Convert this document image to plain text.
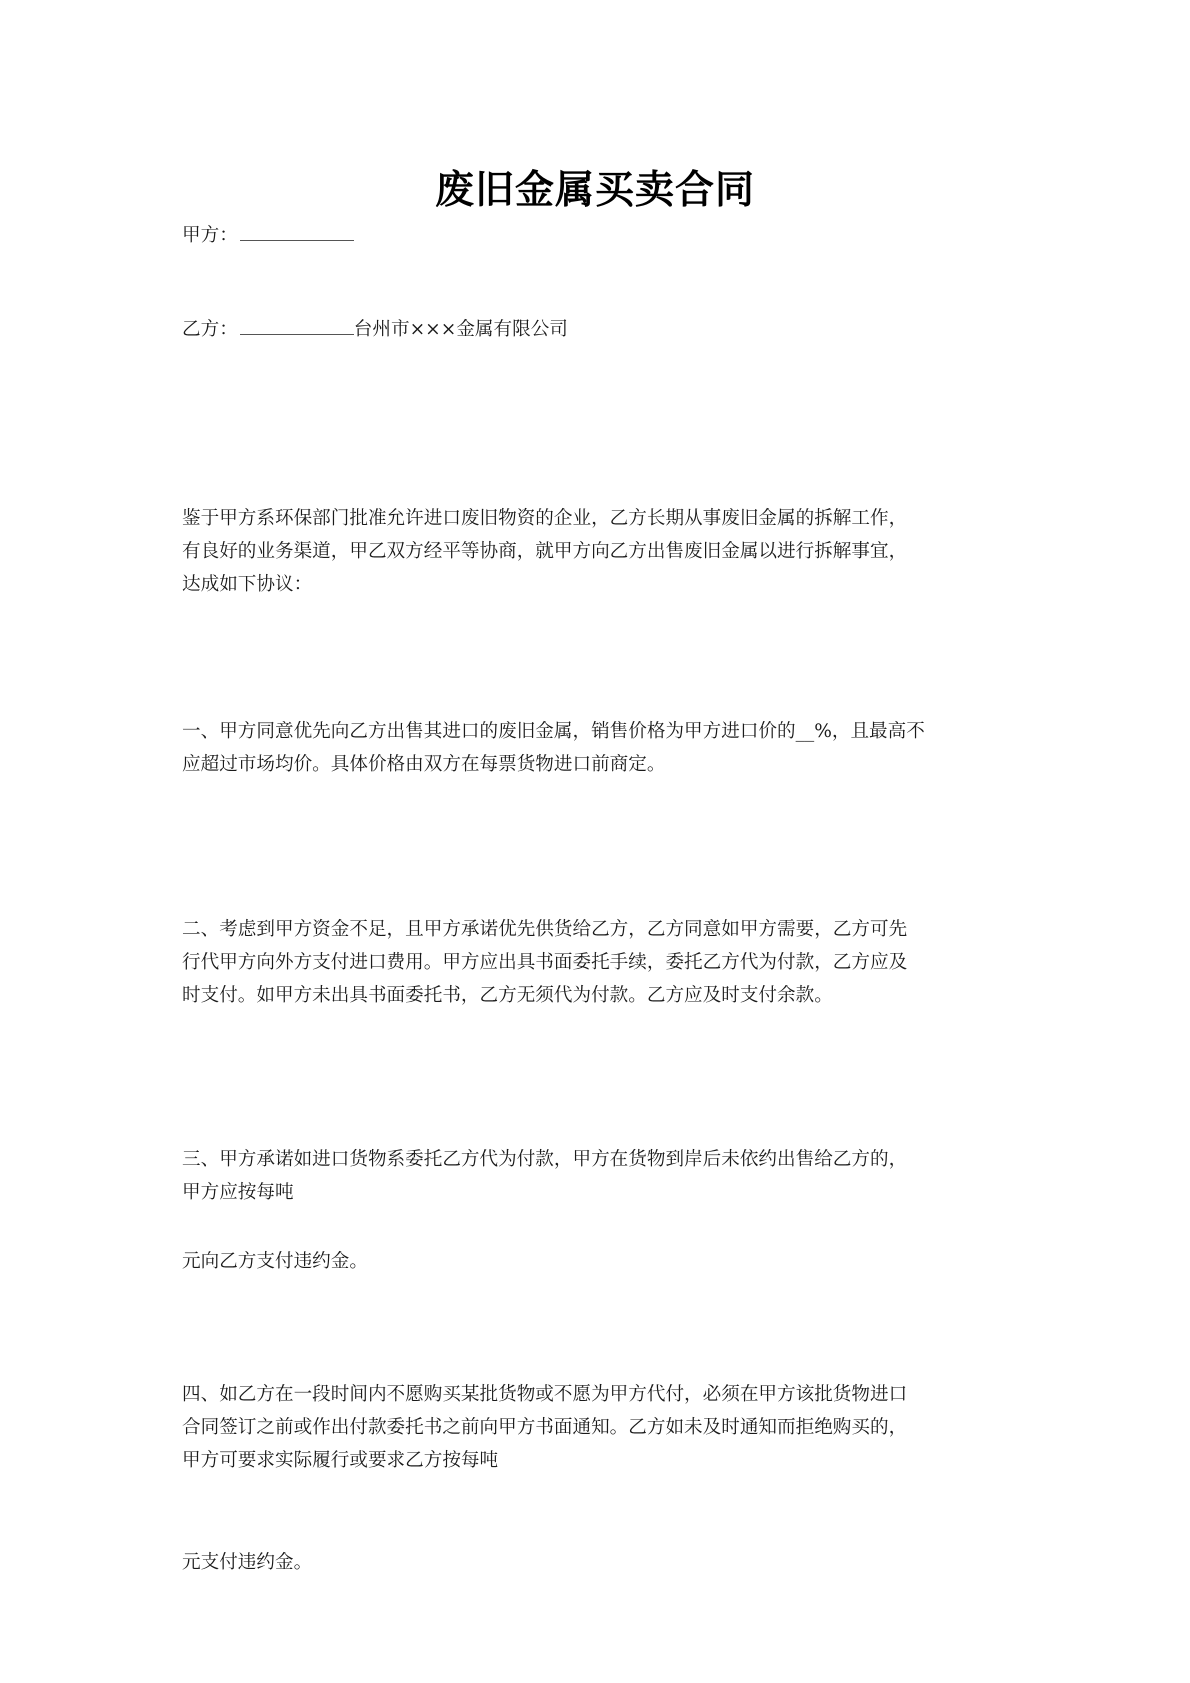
废旧金属买卖合同
甲方：
乙方：	台州市×××金属有限公司
鉴于甲方系环保部门批准允许进口废旧物资的企业，乙方长期从事废旧金属的拆解工作，
有良好的业务渠道，甲乙双方经平等协商，就甲方向乙方出售废旧金属以进行拆解事宜，
达成如下协议：
一、甲方同意优先向乙方出售其进口的废旧金属，销售价格为甲方进口价的__%，且最高不
应超过市场均价。具体价格由双方在每票货物进口前商定。
二、考虑到甲方资金不足，且甲方承诺优先供货给乙方，乙方同意如甲方需要，乙方可先
行代甲方向外方支付进口费用。甲方应出具书面委托手续，委托乙方代为付款，乙方应及
时支付。如甲方未出具书面委托书，乙方无须代为付款。乙方应及时支付余款。
三、甲方承诺如进口货物系委托乙方代为付款，甲方在货物到岸后未依约出售给乙方的，
甲方应按每吨
元向乙方支付违约金。
四、如乙方在一段时间内不愿购买某批货物或不愿为甲方代付，必须在甲方该批货物进口
合同签订之前或作出付款委托书之前向甲方书面通知。乙方如未及时通知而拒绝购买的，
甲方可要求实际履行或要求乙方按每吨
元支付违约金。
